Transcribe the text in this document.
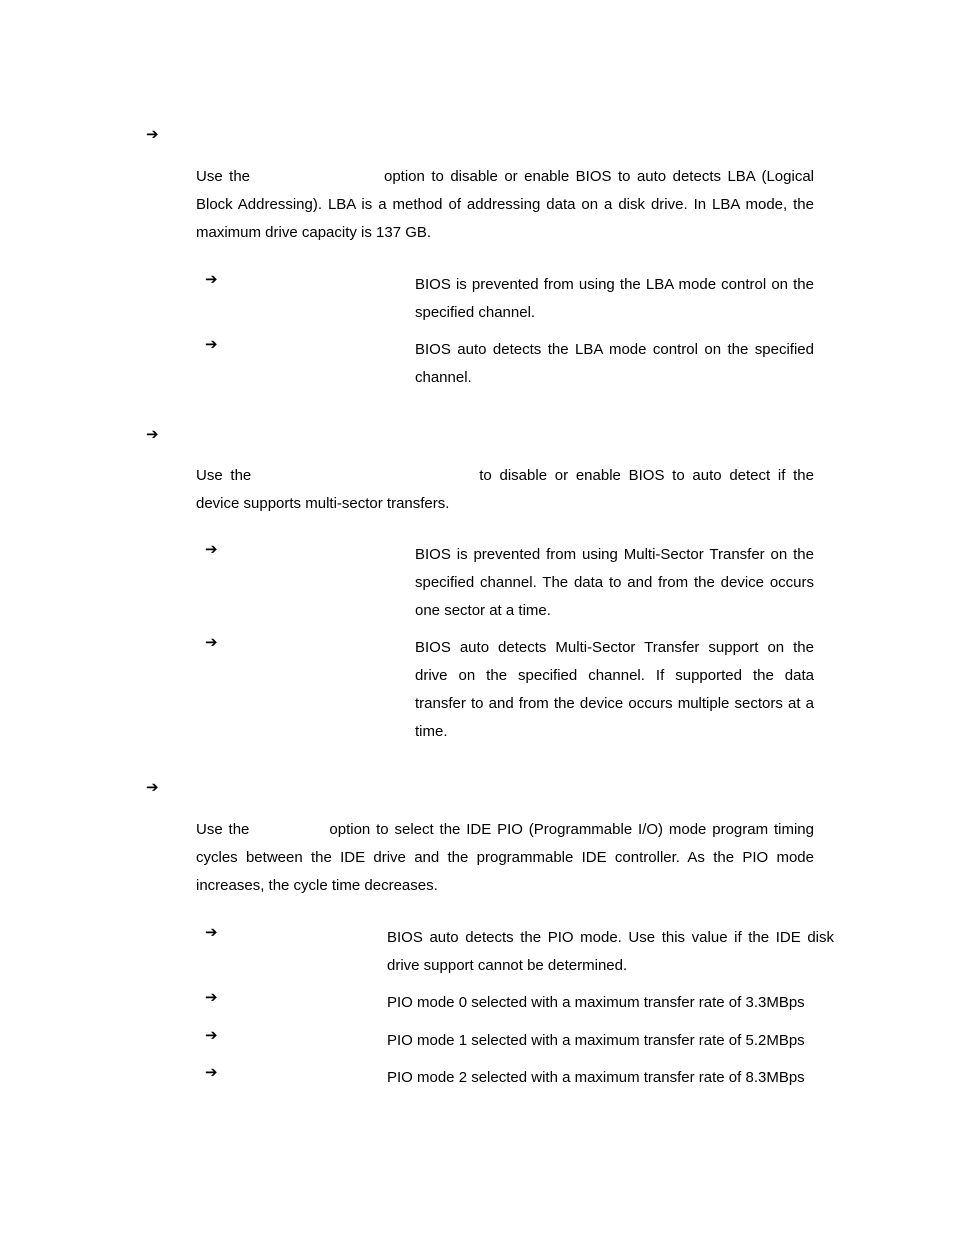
➔
Use the	option to disable or enable BIOS to auto detects LBA (Logical Block Addressing). LBA is a method of addressing data on a disk drive. In LBA mode, the maximum drive capacity is 137 GB.
➔	BIOS is prevented from using the LBA mode control on the specified channel.
➔	BIOS auto detects the LBA mode control on the specified channel.
➔
Use the	to disable or enable BIOS to auto detect if the device supports multi-sector transfers.
➔	BIOS is prevented from using Multi-Sector Transfer on the specified channel. The data to and from the device occurs one sector at a time.
➔	BIOS auto detects Multi-Sector Transfer support on the drive on the specified channel. If supported the data transfer to and from the device occurs multiple sectors at a time.
➔
Use the	option to select the IDE PIO (Programmable I/O) mode program timing cycles between the IDE drive and the programmable IDE controller. As the PIO mode increases, the cycle time decreases.
➔	BIOS auto detects the PIO mode. Use this value if the IDE disk drive support cannot be determined.
➔	PIO mode 0 selected with a maximum transfer rate of 3.3MBps
➔	PIO mode 1 selected with a maximum transfer rate of 5.2MBps
➔	PIO mode 2 selected with a maximum transfer rate of 8.3MBps
